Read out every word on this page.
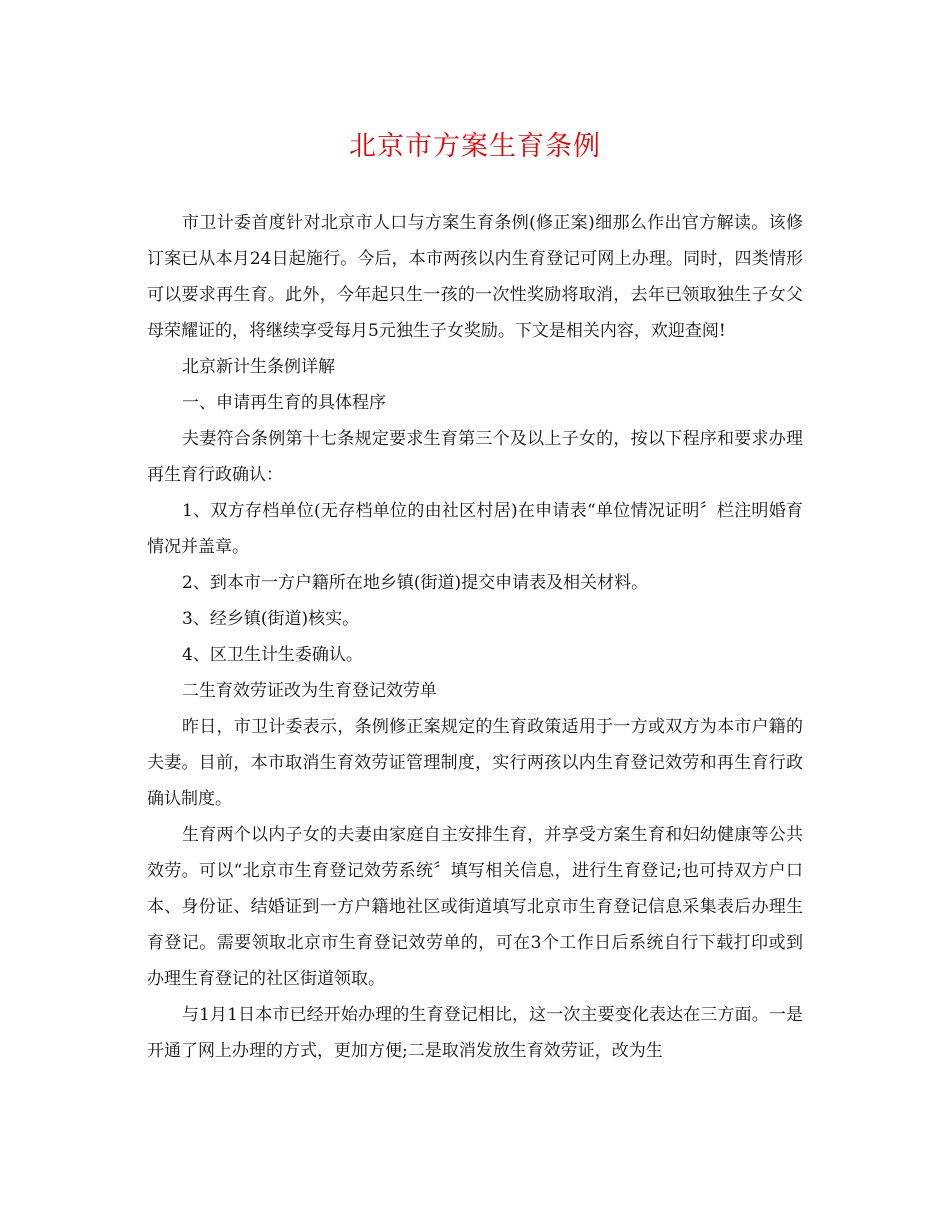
北京市方案生育条例

市卫计委首度针对北京市人口与方案生育条例(修正案)细那么作出官方解读。该修订案已从本月24日起施行。今后，本市两孩以内生育登记可网上办理。同时，四类情形可以要求再生育。此外，今年起只生一孩的一次性奖励将取消，去年已领取独生子女父母荣耀证的，将继续享受每月5元独生子女奖励。下文是相关内容，欢迎查阅!

北京新计生条例详解

一、申请再生育的具体程序

夫妻符合条例第十七条规定要求生育第三个及以上子女的，按以下程序和要求办理再生育行政确认：

1、双方存档单位(无存档单位的由社区村居)在申请表“单位情况证明〞栏注明婚育情况并盖章。

2、到本市一方户籍所在地乡镇(街道)提交申请表及相关材料。

3、经乡镇(街道)核实。

4、区卫生计生委确认。

二生育效劳证改为生育登记效劳单

昨日，市卫计委表示，条例修正案规定的生育政策适用于一方或双方为本市户籍的夫妻。目前，本市取消生育效劳证管理制度，实行两孩以内生育登记效劳和再生育行政确认制度。

生育两个以内子女的夫妻由家庭自主安排生育，并享受方案生育和妇幼健康等公共效劳。可以“北京市生育登记效劳系统〞填写相关信息，进行生育登记;也可持双方户口本、身份证、结婚证到一方户籍地社区或街道填写北京市生育登记信息采集表后办理生育登记。需要领取北京市生育登记效劳单的，可在3个工作日后系统自行下载打印或到办理生育登记的社区街道领取。

与1月1日本市已经开始办理的生育登记相比，这一次主要变化表达在三方面。一是开通了网上办理的方式，更加方便;二是取消发放生育效劳证，改为生
